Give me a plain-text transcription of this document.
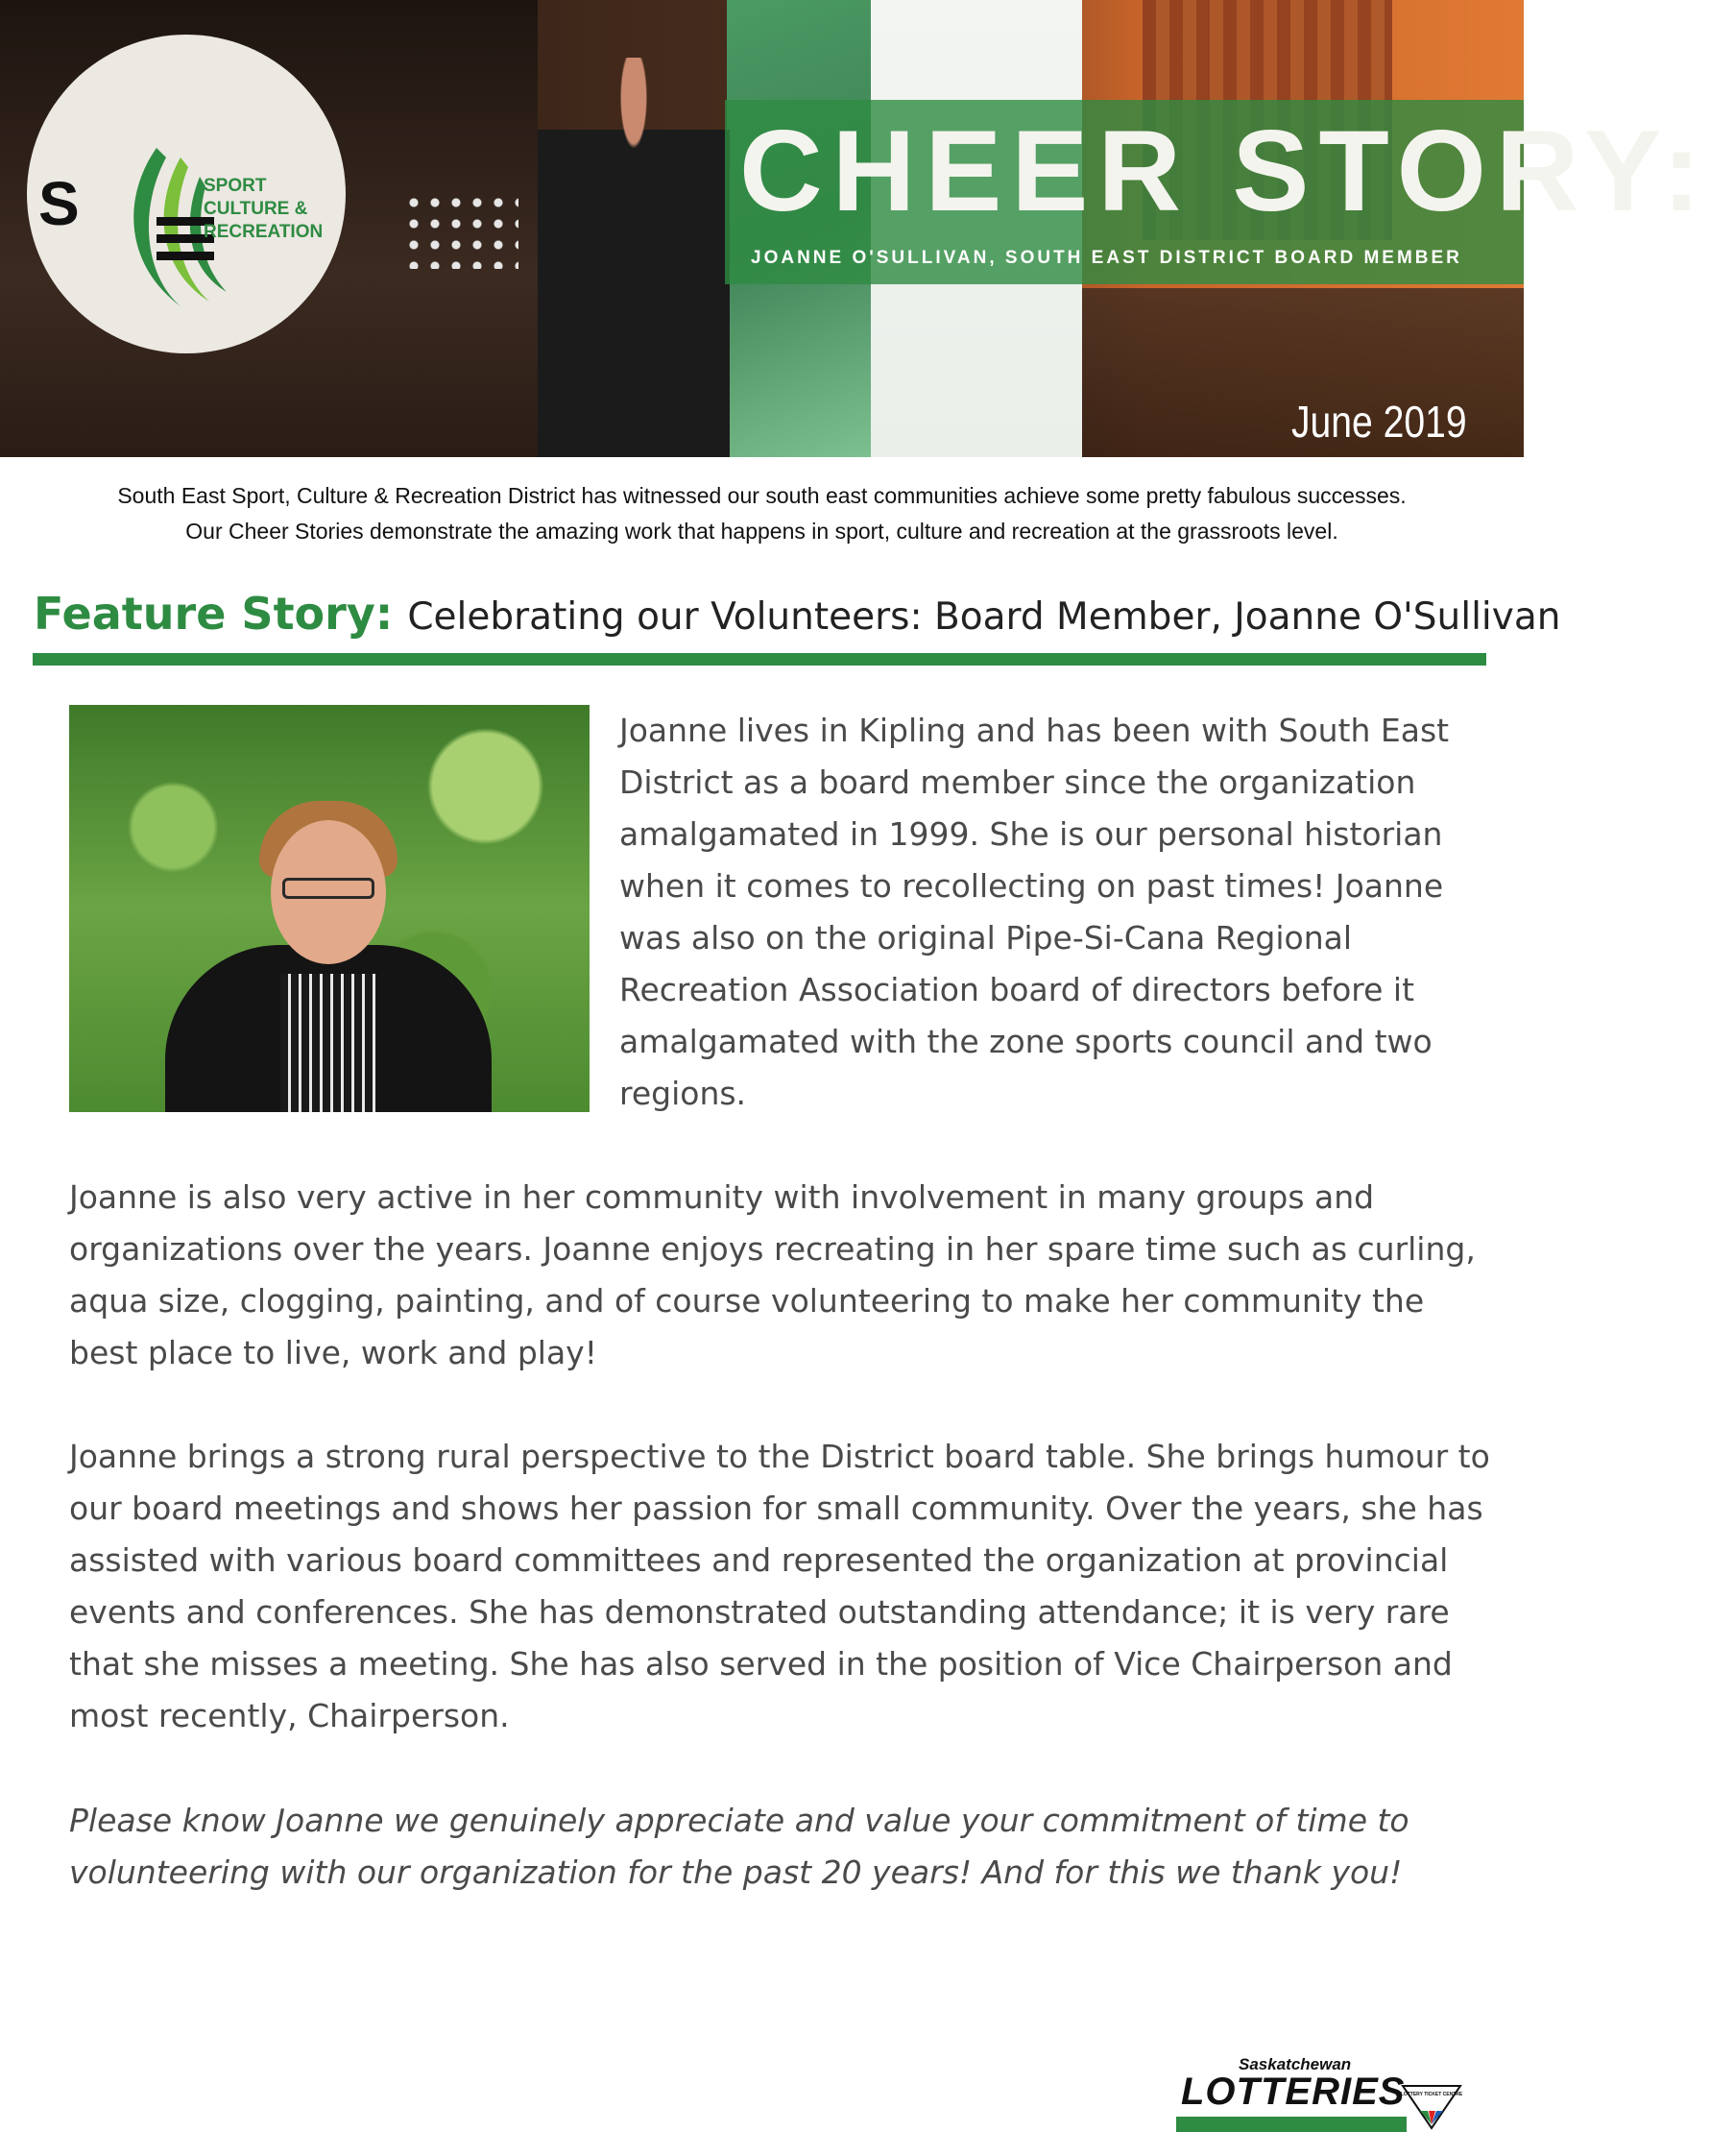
CHEER STORY:
JOANNE O'SULLIVAN, SOUTH EAST DISTRICT BOARD MEMBER
June 2019
S	SPORT
CULTURE &
RECREATION
South East Sport, Culture & Recreation District has witnessed our south east communities achieve some pretty fabulous successes.
Our Cheer Stories demonstrate the amazing work that happens in sport, culture and recreation at the grassroots level.
Feature Story: Celebrating our Volunteers: Board Member, Joanne O'Sullivan
Joanne lives in Kipling and has been with South East District as a board member since the organization amalgamated in 1999. She is our personal historian when it comes to recollecting on past times! Joanne was also on the original Pipe-Si-Cana Regional Recreation Association board of directors before it amalgamated with the zone sports council and two regions.

Joanne is also very active in her community with involvement in many groups and organizations over the years. Joanne enjoys recreating in her spare time such as curling, aqua size, clogging, painting, and of course volunteering to make her community the best place to live, work and play!

Joanne brings a strong rural perspective to the District board table. She brings humour to our board meetings and shows her passion for small community. Over the years, she has assisted with various board committees and represented the organization at provincial events and conferences. She has demonstrated outstanding attendance; it is very rare that she misses a meeting. She has also served in the position of Vice Chairperson and most recently, Chairperson.

Please know Joanne we genuinely appreciate and value your commitment of time to volunteering with our organization for the past 20 years! And for this we thank you!
Saskatchewan
LOTTERIES
LOTTERY TICKET CENTRE
